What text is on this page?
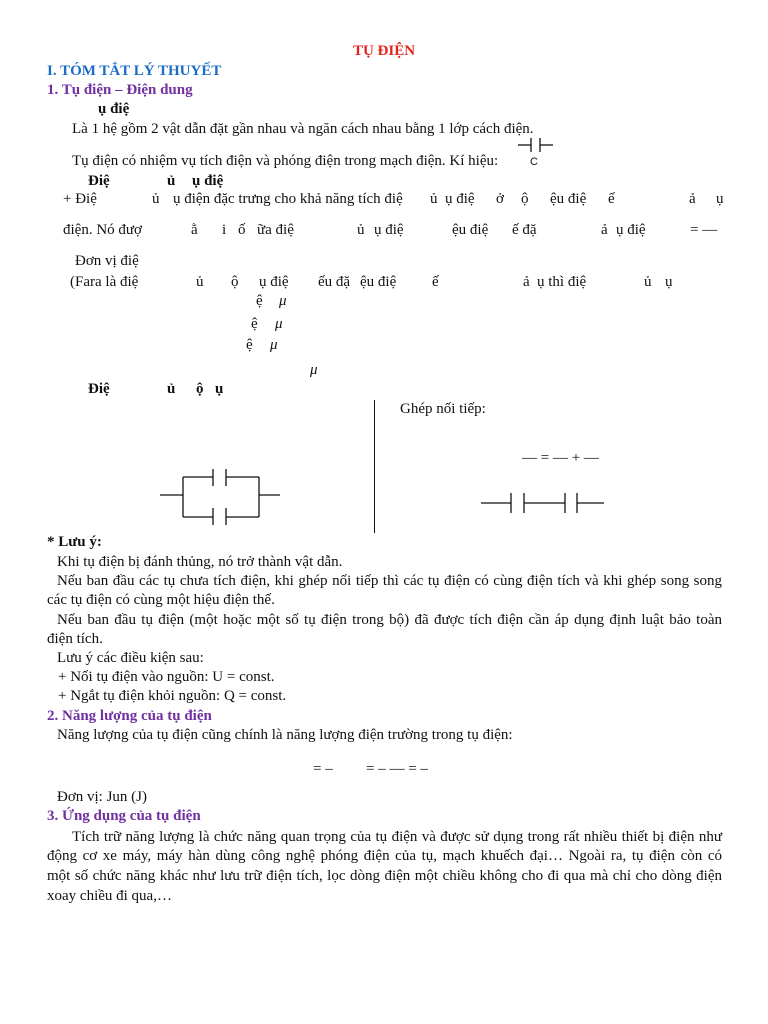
TỤ ĐIỆN
I. TÓM TẮT LÝ THUYẾT
1. Tụ điện – Điện dung
ụ điệ
Là 1 hệ gồm 2 vật dẫn đặt gần nhau và ngăn cách nhau bằng 1 lớp cách điện.
Tụ điện có nhiệm vụ tích điện và phóng điện trong mạch điện. Kí hiệu:	C
Điệ	ủ ụ điệ
+ Điệ	ủ ụ điện đặc trưng cho khả năng tích điệ ủ ụ điệ ở ộ ệu điệ ế	ả ụ
điện. Nó đượ	ằ i ố ữa điệ	ủ ụ điệ	ệu điệ ế đặ	ả ụ điệ	= —
Đơn vị điệ
(Fara là điệ	ủ ộ ụ điệ ếu đặ ệu điệ ế	ả ụ thì điệ	ủ ụ
ệ μ
ệ μ
ệ μ
μ
Điệ	ủ ộ ụ
Ghép nối tiếp:
— = — + —
* Lưu ý:
Khi tụ điện bị đánh thủng, nó trở thành vật dẫn.
Nếu ban đầu các tụ chưa tích điện, khi ghép nối tiếp thì các tụ điện có cùng điện tích và khi ghép song song
các tụ điện có cùng một hiệu điện thế.
Nếu ban đầu tụ điện (một hoặc một số tụ điện trong bộ) đã được tích điện cần áp dụng định luật bảo toàn
điện tích.
Lưu ý các điều kiện sau:
+ Nối tụ điện vào nguồn: U = const.
+ Ngắt tụ điện khỏi nguồn: Q = const.
2. Năng lượng của tụ điện
Năng lượng của tụ điện cũng chính là năng lượng điện trường trong tụ điện:
= – = – –– = –
Đơn vị: Jun (J)
3. Ứng dụng của tụ điện
Tích trữ năng lượng là chức năng quan trọng của tụ điện và được sử dụng trong rất nhiều thiết bị điện như
động cơ xe máy, máy hàn dùng công nghệ phóng điện của tụ, mạch khuếch đại… Ngoài ra, tụ điện còn có
một số chức năng khác như lưu trữ điện tích, lọc dòng điện một chiều không cho đi qua mà chỉ cho dòng điện
xoay chiều đi qua,…
